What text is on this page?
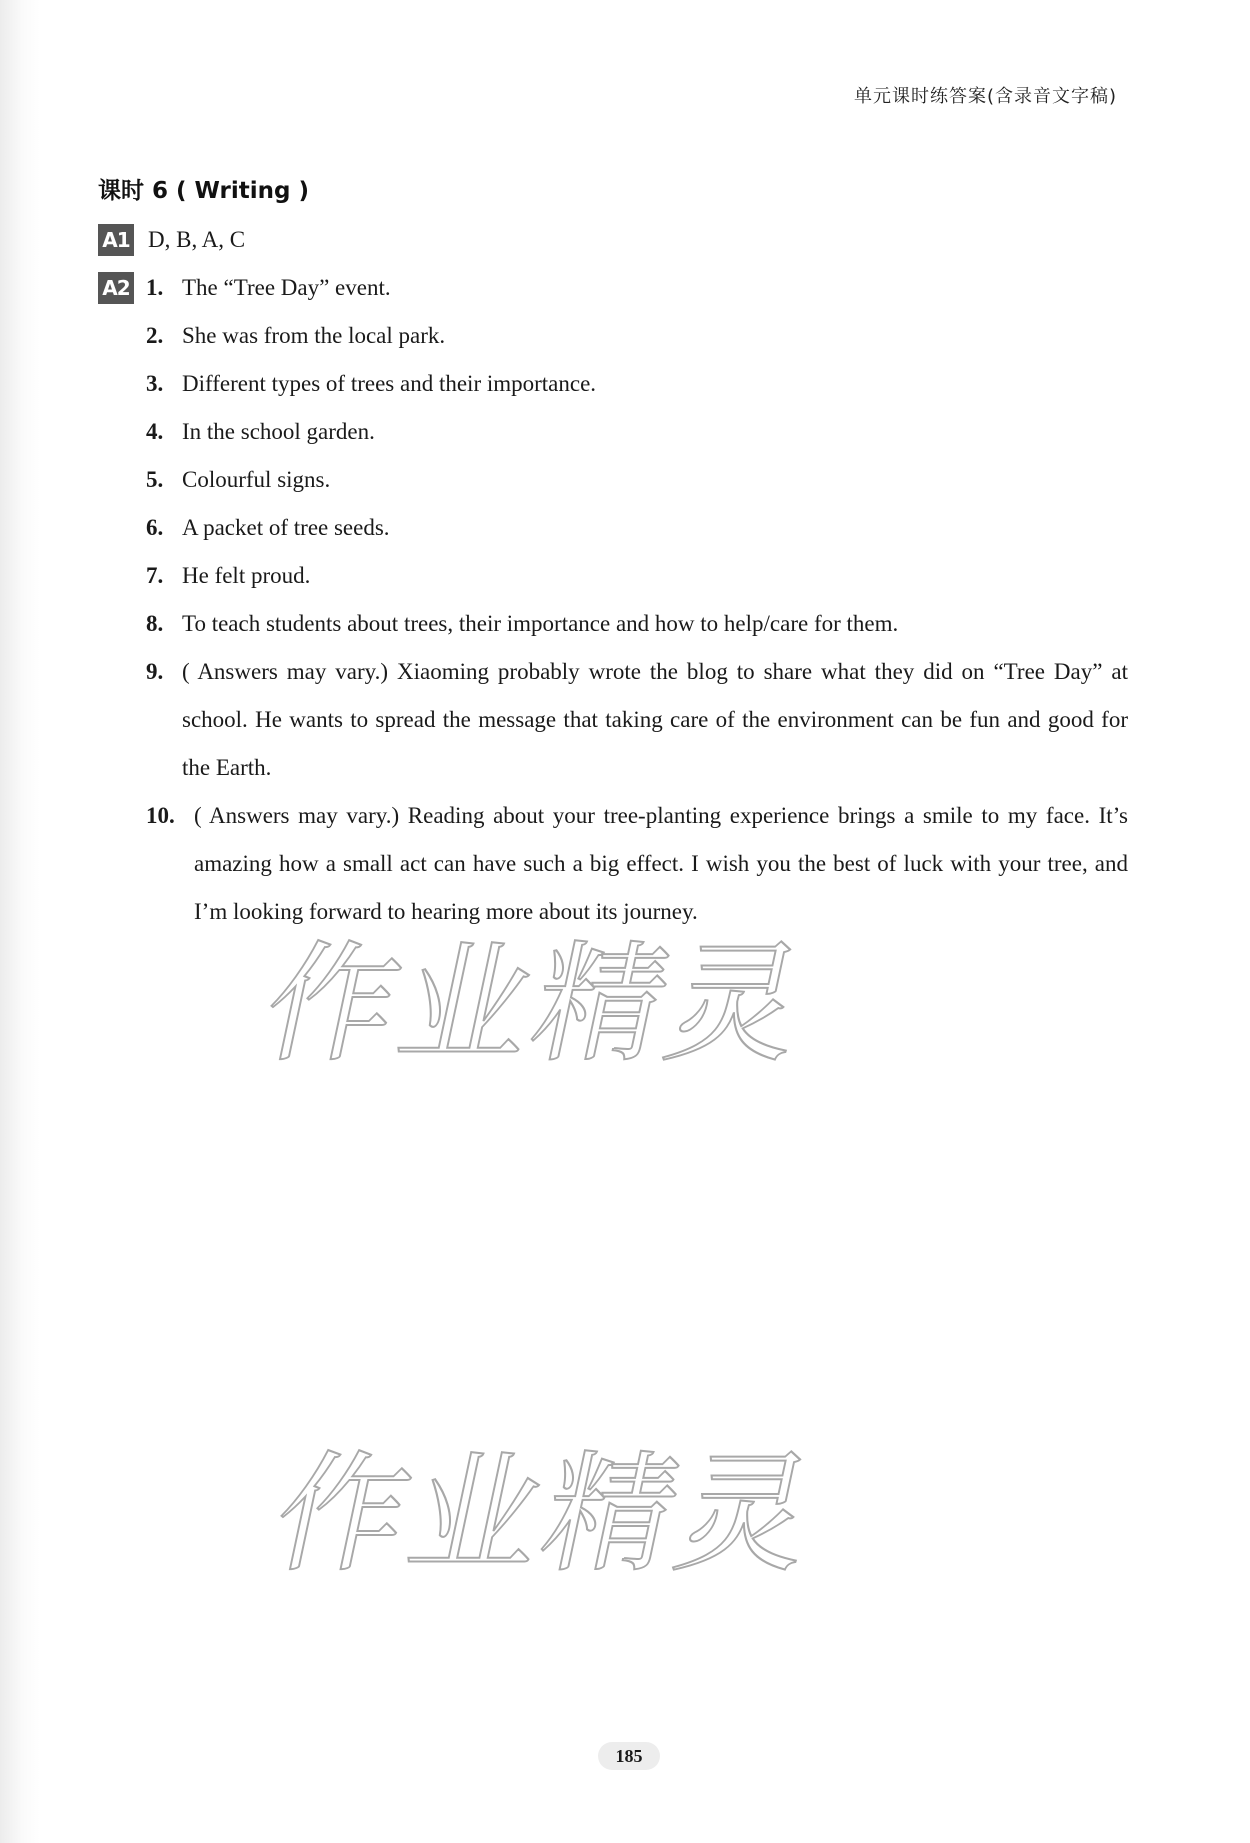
单元课时练答案(含录音文字稿)
课时 6 ( Writing )
A1 D, B, A, C
A2 1. The “Tree Day” event.
2. She was from the local park.
3. Different types of trees and their importance.
4. In the school garden.
5. Colourful signs.
6. A packet of tree seeds.
7. He felt proud.
8. To teach students about trees, their importance and how to help/care for them.
9. ( Answers may vary.) Xiaoming probably wrote the blog to share what they did on “Tree Day” at school. He wants to spread the message that taking care of the environment can be fun and good for the Earth.
10. ( Answers may vary.) Reading about your tree-planting experience brings a smile to my face. It’s amazing how a small act can have such a big effect. I wish you the best of luck with your tree, and I’m looking forward to hearing more about its journey.
作业精灵
作业精灵
185
